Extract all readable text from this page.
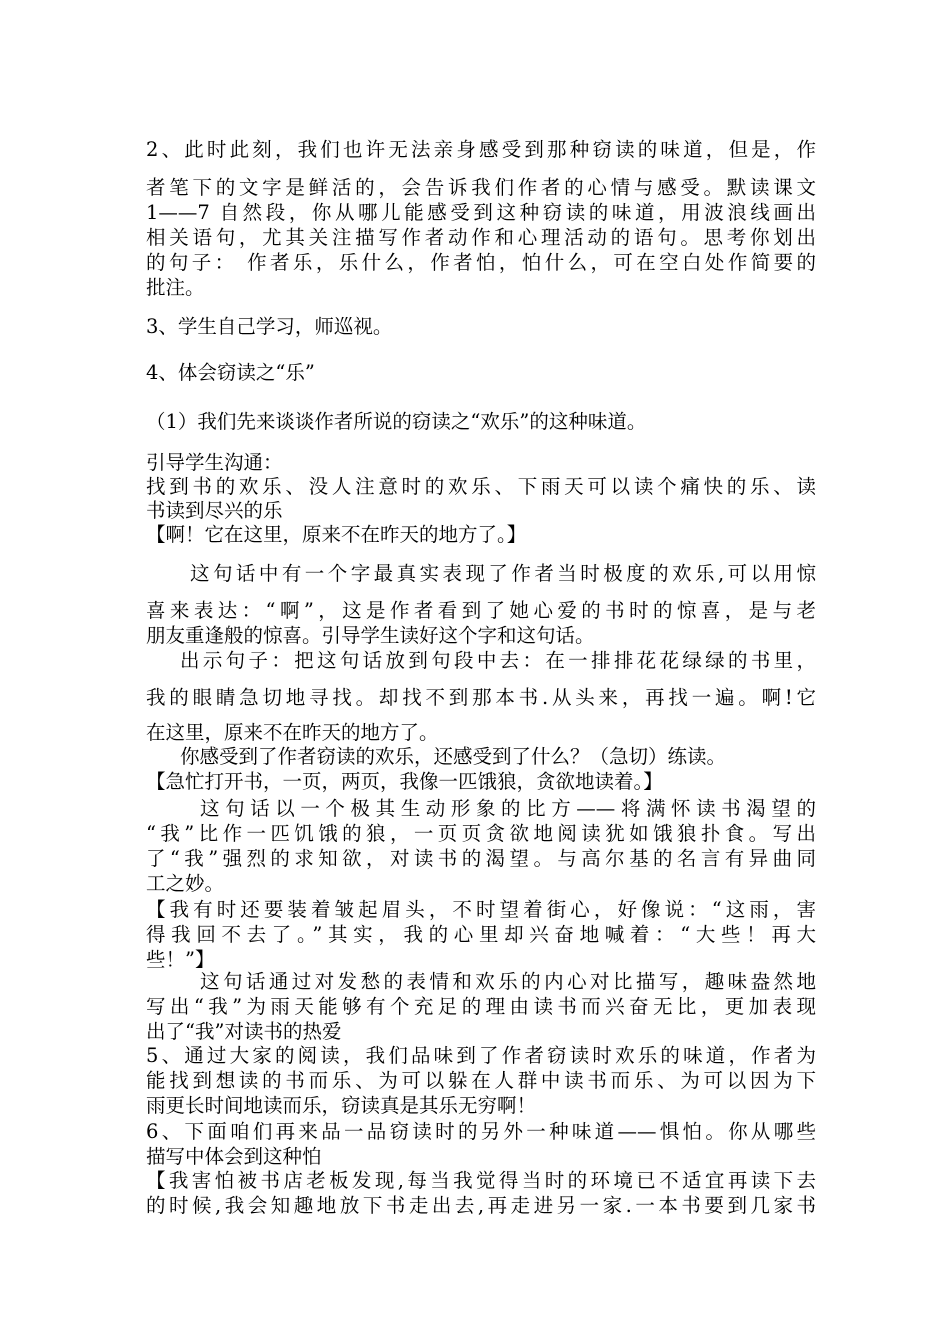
2、此时此刻，我们也许无法亲身感受到那种窃读的味道，但是，作
者笔下的文字是鲜活的，会告诉我们作者的心情与感受。默读课文
1——7 自然段，你从哪儿能感受到这种窃读的味道，用波浪线画出
相关语句，尤其关注描写作者动作和心理活动的语句。思考你划出
的句子： 作者乐，乐什么，作者怕，怕什么，可在空白处作简要的
批注。
3、学生自己学习，师巡视。
4、体会窃读之“乐”
（1）我们先来谈谈作者所说的窃读之“欢乐”的这种味道。
引导学生沟通：
找到书的欢乐、没人注意时的欢乐、下雨天可以读个痛快的乐、读
书读到尽兴的乐
【啊！它在这里，原来不在昨天的地方了。】
这句话中有一个字最真实表现了作者当时极度的欢乐,可以用惊
喜来表达：“啊”，这是作者看到了她心爱的书时的惊喜，是与老
朋友重逢般的惊喜。引导学生读好这个字和这句话。
出示句子：把这句话放到句段中去：在一排排花花绿绿的书里，
我的眼睛急切地寻找。却找不到那本书.从头来，再找一遍。啊!它
在这里，原来不在昨天的地方了。
你感受到了作者窃读的欢乐，还感受到了什么？（急切）练读。
【急忙打开书，一页，两页，我像一匹饿狼，贪欲地读着。】
这句话以一个极其生动形象的比方——将满怀读书渴望的
“我”比作一匹饥饿的狼，一页页贪欲地阅读犹如饿狼扑食。写出
了“我”强烈的求知欲，对读书的渴望。与高尔基的名言有异曲同
工之妙。
【我有时还要装着皱起眉头，不时望着街心，好像说：“这雨，害
得我回不去了。”其实，我的心里却兴奋地喊着：“大些！再大
些！”】
这句话通过对发愁的表情和欢乐的内心对比描写，趣味盎然地
写出“我”为雨天能够有个充足的理由读书而兴奋无比，更加表现
出了“我”对读书的热爱
5、通过大家的阅读，我们品味到了作者窃读时欢乐的味道，作者为
能找到想读的书而乐、为可以躲在人群中读书而乐、为可以因为下
雨更长时间地读而乐，窃读真是其乐无穷啊！
6、下面咱们再来品一品窃读时的另外一种味道——惧怕。你从哪些
描写中体会到这种怕
【我害怕被书店老板发现,每当我觉得当时的环境已不适宜再读下去
的时候,我会知趣地放下书走出去,再走进另一家.一本书要到几家书
